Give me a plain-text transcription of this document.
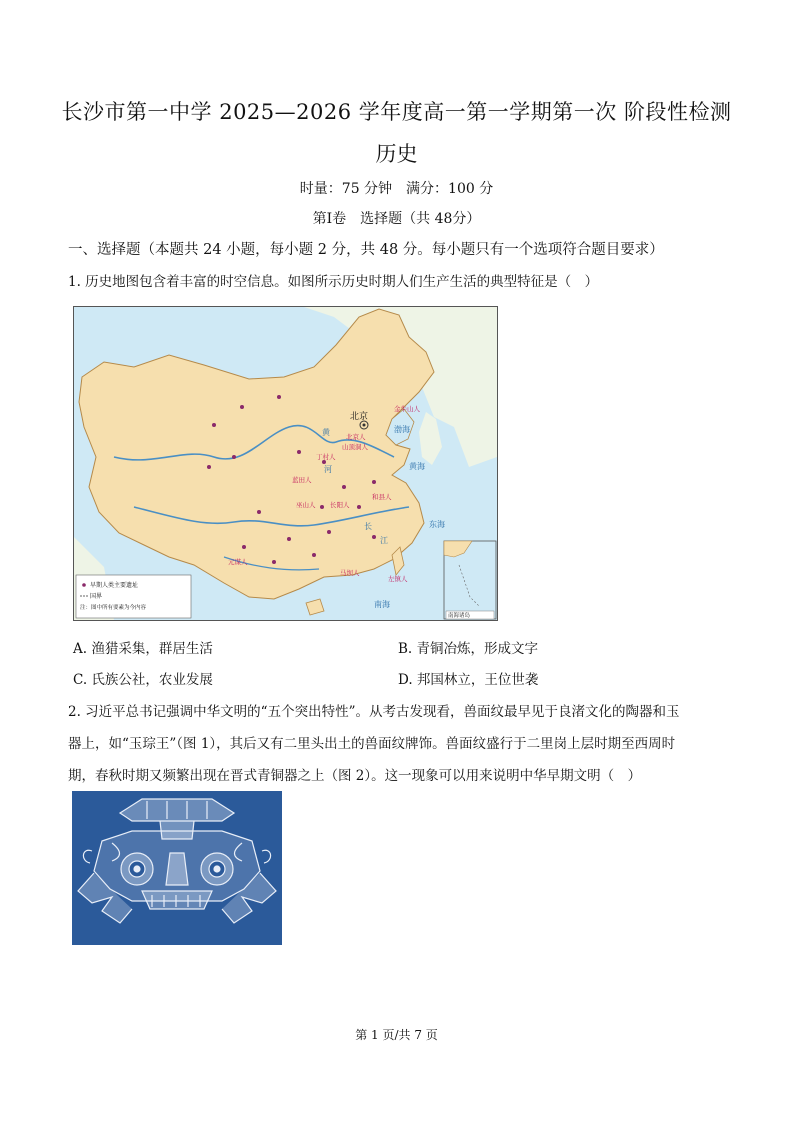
长沙市第一中学 2025—2026 学年度高一第一学期第一次 阶段性检测
历史
时量：75 分钟 满分：100 分
第Ⅰ卷　选择题（共 48分）
一、选择题（本题共 24 小题，每小题 2 分，共 48 分。每小题只有一个选项符合题目要求）
1. 历史地图包含着丰富的时空信息。如图所示历史时期人们生产生活的典型特征是（　）
北京
金牛山人
北京人
山顶洞人
丁村人
蓝田人
巫山人 长阳人
和县人
元谋人
马坝人
左镇人
渤海
黄海
东海
南海
黄
河
长
江
早期人类主要遗址
国界
注：图中所有要素为今内容
南海诸岛
A. 渔猎采集，群居生活	B. 青铜冶炼，形成文字
C. 氏族公社，农业发展	D. 邦国林立，王位世袭
2. 习近平总书记强调中华文明的“五个突出特性”。从考古发现看，兽面纹最早见于良渚文化的陶器和玉
器上，如“玉琮王”（图 1），其后又有二里头出土的兽面纹牌饰。兽面纹盛行于二里岗上层时期至西周时
期，春秋时期又频繁出现在晋式青铜器之上（图 2）。这一现象可以用来说明中华早期文明（　）
第 1 页/共 7 页
